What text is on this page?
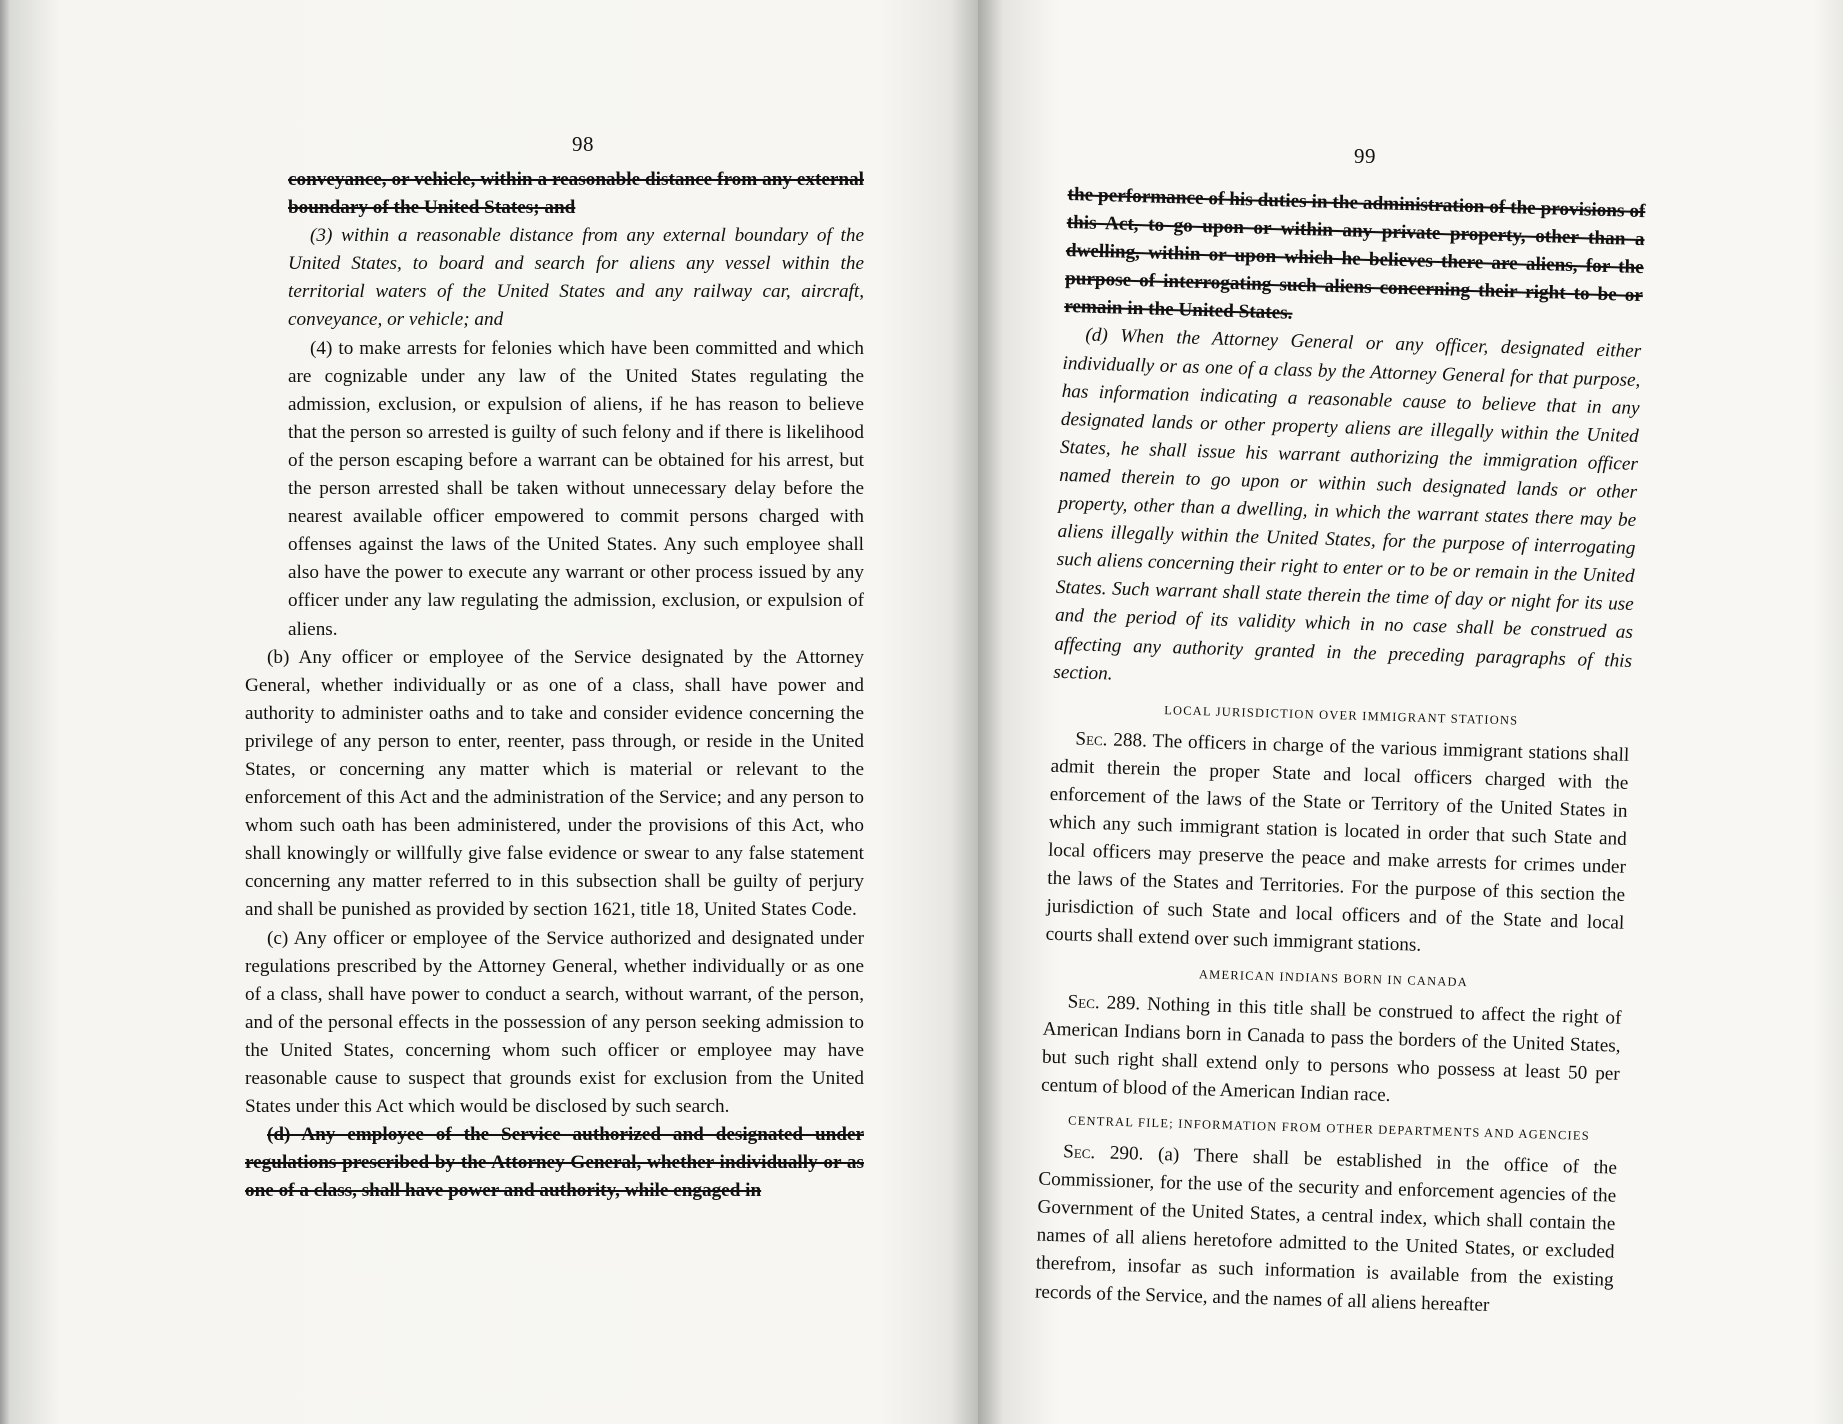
98

conveyance, or vehicle, within a reasonable distance from any external boundary of the United States; and

(3) within a reasonable distance from any external boundary of the United States, to board and search for aliens any vessel within the territorial waters of the United States and any railway car, aircraft, conveyance, or vehicle; and

(4) to make arrests for felonies which have been committed and which are cognizable under any law of the United States regulating the admission, exclusion, or expulsion of aliens, if he has reason to believe that the person so arrested is guilty of such felony and if there is likelihood of the person escaping before a warrant can be obtained for his arrest, but the person arrested shall be taken without unnecessary delay before the nearest available officer empowered to commit persons charged with offenses against the laws of the United States. Any such employee shall also have the power to execute any warrant or other process issued by any officer under any law regulating the admission, exclusion, or expulsion of aliens.

(b) Any officer or employee of the Service designated by the Attorney General, whether individually or as one of a class, shall have power and authority to administer oaths and to take and consider evidence concerning the privilege of any person to enter, reenter, pass through, or reside in the United States, or concerning any matter which is material or relevant to the enforcement of this Act and the administration of the Service; and any person to whom such oath has been administered, under the provisions of this Act, who shall knowingly or willfully give false evidence or swear to any false statement concerning any matter referred to in this subsection shall be guilty of perjury and shall be punished as provided by section 1621, title 18, United States Code.

(c) Any officer or employee of the Service authorized and designated under regulations prescribed by the Attorney General, whether individually or as one of a class, shall have power to conduct a search, without warrant, of the person, and of the personal effects in the possession of any person seeking admission to the United States, concerning whom such officer or employee may have reasonable cause to suspect that grounds exist for exclusion from the United States under this Act which would be disclosed by such search.

(d) Any employee of the Service authorized and designated under regulations prescribed by the Attorney General, whether individually or as one of a class, shall have power and authority, while engaged in

99

the performance of his duties in the administration of the provisions of this Act, to go upon or within any private property, other than a dwelling, within or upon which he believes there are aliens, for the purpose of interrogating such aliens concerning their right to be or remain in the United States.

(d) When the Attorney General or any officer, designated either individually or as one of a class by the Attorney General for that purpose, has information indicating a reasonable cause to believe that in any designated lands or other property aliens are illegally within the United States, he shall issue his warrant authorizing the immigration officer named therein to go upon or within such designated lands or other property, other than a dwelling, in which the warrant states there may be aliens illegally within the United States, for the purpose of interrogating such aliens concerning their right to enter or to be or remain in the United States. Such warrant shall state therein the time of day or night for its use and the period of its validity which in no case shall be construed as affecting any authority granted in the preceding paragraphs of this section.

LOCAL JURISDICTION OVER IMMIGRANT STATIONS

Sec. 288. The officers in charge of the various immigrant stations shall admit therein the proper State and local officers charged with the enforcement of the laws of the State or Territory of the United States in which any such immigrant station is located in order that such State and local officers may preserve the peace and make arrests for crimes under the laws of the States and Territories. For the purpose of this section the jurisdiction of such State and local officers and of the State and local courts shall extend over such immigrant stations.

AMERICAN INDIANS BORN IN CANADA

Sec. 289. Nothing in this title shall be construed to affect the right of American Indians born in Canada to pass the borders of the United States, but such right shall extend only to persons who possess at least 50 per centum of blood of the American Indian race.

CENTRAL FILE; INFORMATION FROM OTHER DEPARTMENTS AND AGENCIES

Sec. 290. (a) There shall be established in the office of the Commissioner, for the use of the security and enforcement agencies of the Government of the United States, a central index, which shall contain the names of all aliens heretofore admitted to the United States, or excluded therefrom, insofar as such information is available from the existing records of the Service, and the names of all aliens hereafter
